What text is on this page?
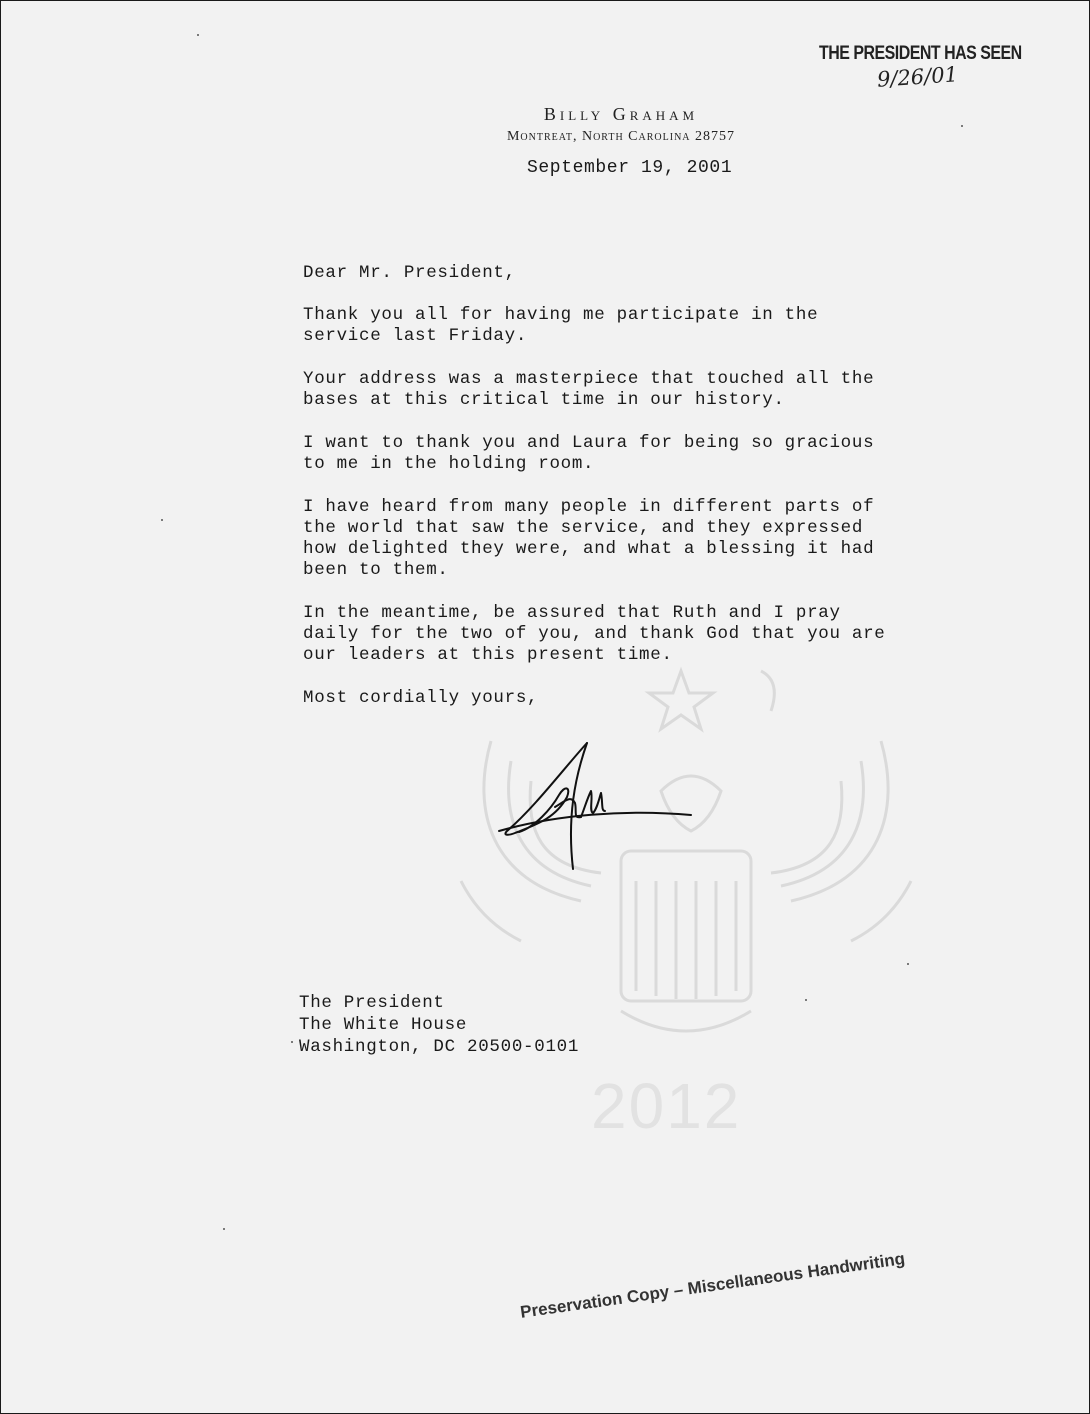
THE PRESIDENT HAS SEEN
9/26/01
Billy Graham
Montreat, North Carolina 28757
September 19, 2001

Dear Mr. President,

Thank you all for having me participate in the
service last Friday.

Your address was a masterpiece that touched all the
bases at this critical time in our history.

I want to thank you and Laura for being so gracious
to me in the holding room.

I have heard from many people in different parts of
the world that saw the service, and they expressed
how delighted they were, and what a blessing it had
been to them.

In the meantime, be assured that Ruth and I pray
daily for the two of you, and thank God that you are
our leaders at this present time.

Most cordially yours,

The President
The White House
Washington, DC 20500-0101
2012
Preservation Copy – Miscellaneous Handwriting
